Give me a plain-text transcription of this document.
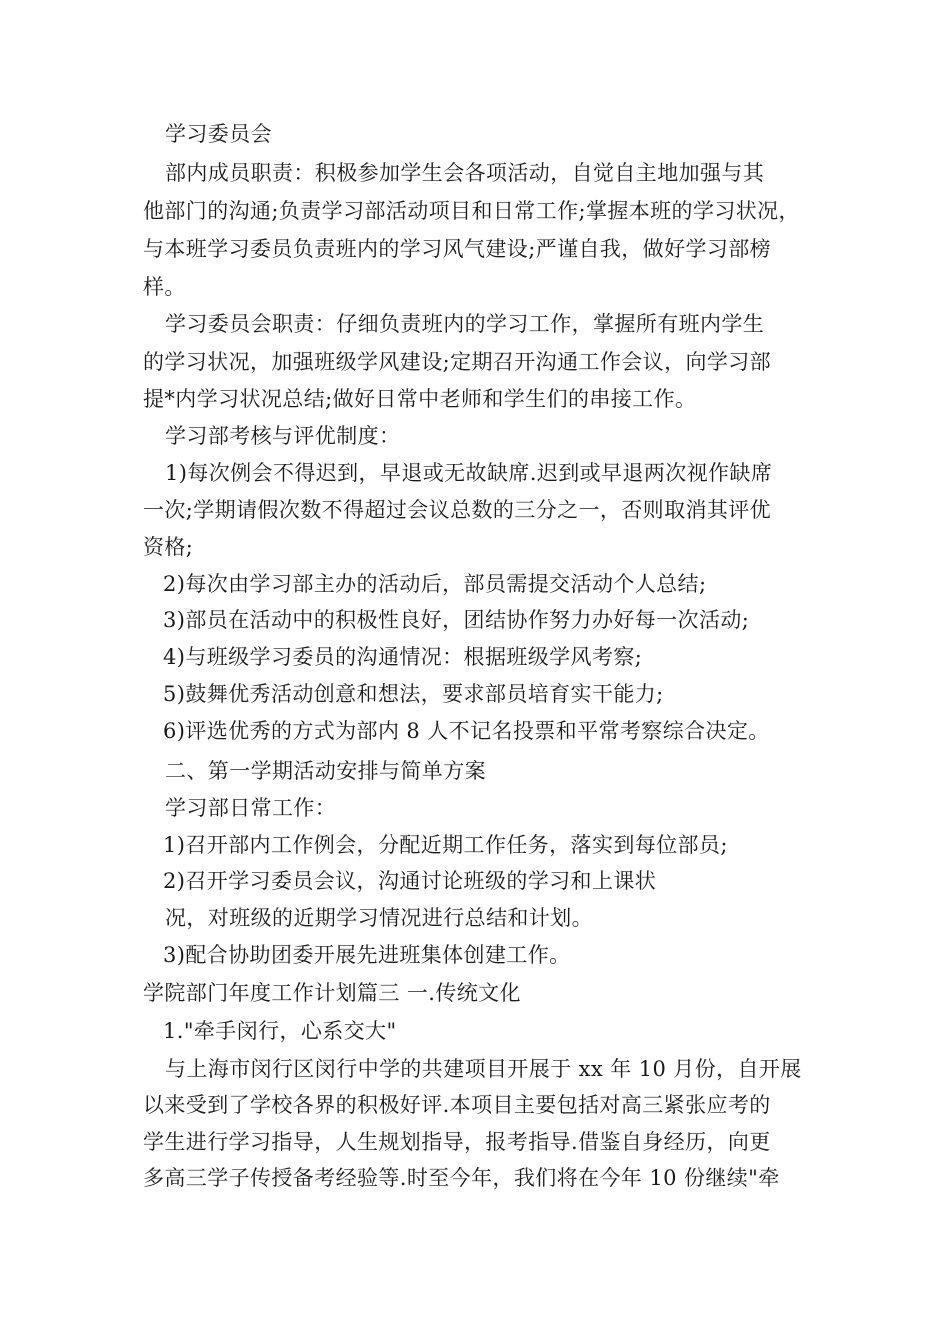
学习委员会
部内成员职责：积极参加学生会各项活动，自觉自主地加强与其
他部门的沟通;负责学习部活动项目和日常工作;掌握本班的学习状况，
与本班学习委员负责班内的学习风气建设;严谨自我，做好学习部榜
样。
学习委员会职责：仔细负责班内的学习工作，掌握所有班内学生
的学习状况，加强班级学风建设;定期召开沟通工作会议，向学习部
提*内学习状况总结;做好日常中老师和学生们的串接工作。
学习部考核与评优制度：
1)每次例会不得迟到，早退或无故缺席.迟到或早退两次视作缺席
一次;学期请假次数不得超过会议总数的三分之一，否则取消其评优
资格;
2)每次由学习部主办的活动后，部员需提交活动个人总结;
3)部员在活动中的积极性良好，团结协作努力办好每一次活动;
4)与班级学习委员的沟通情况：根据班级学风考察;
5)鼓舞优秀活动创意和想法，要求部员培育实干能力;
6)评选优秀的方式为部内 8 人不记名投票和平常考察综合决定。
二、第一学期活动安排与简单方案
学习部日常工作：
1)召开部内工作例会，分配近期工作任务，落实到每位部员;
2)召开学习委员会议，沟通讨论班级的学习和上课状
况，对班级的近期学习情况进行总结和计划。
3)配合协助团委开展先进班集体创建工作。
学院部门年度工作计划篇三 一.传统文化
1."牵手闵行，心系交大"
与上海市闵行区闵行中学的共建项目开展于 xx 年 10 月份，自开展
以来受到了学校各界的积极好评.本项目主要包括对高三紧张应考的
学生进行学习指导，人生规划指导，报考指导.借鉴自身经历，向更
多高三学子传授备考经验等.时至今年，我们将在今年 10 份继续"牵
